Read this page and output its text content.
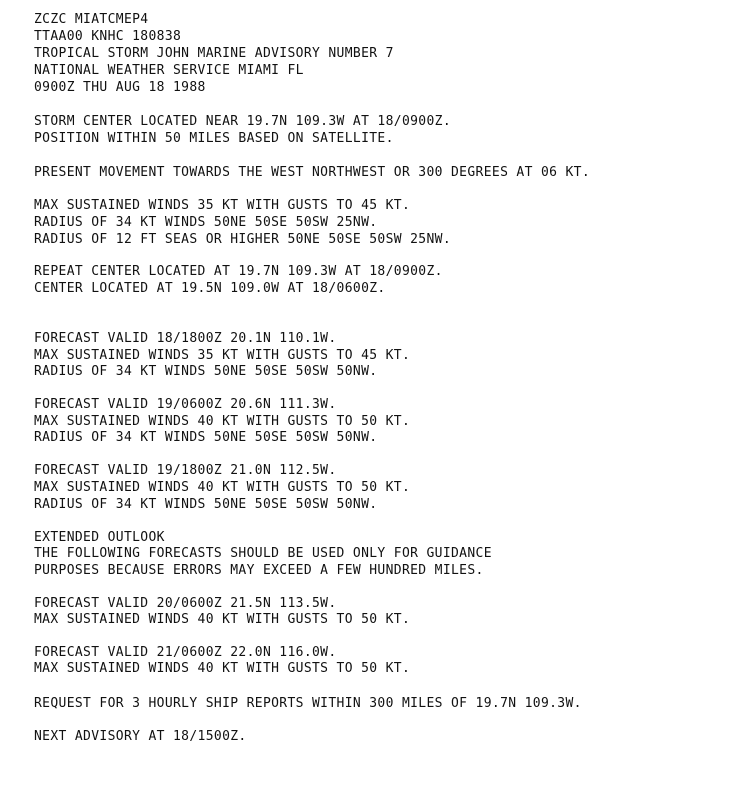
ZCZC MIATCMEP4

TTAA00 KNHC 180838

TROPICAL STORM JOHN MARINE ADVISORY NUMBER 7

NATIONAL WEATHER SERVICE MIAMI FL

0900Z THU AUG 18 1988

STORM CENTER LOCATED NEAR 19.7N 109.3W AT 18/0900Z.

POSITION WITHIN 50 MILES BASED ON SATELLITE.

PRESENT MOVEMENT TOWARDS THE WEST NORTHWEST OR 300 DEGREES AT 06 KT.

MAX SUSTAINED WINDS 35 KT WITH GUSTS TO 45 KT.

RADIUS OF 34 KT WINDS 50NE 50SE 50SW 25NW.

RADIUS OF 12 FT SEAS OR HIGHER 50NE 50SE 50SW 25NW.

REPEAT CENTER LOCATED AT 19.7N 109.3W AT 18/0900Z.

CENTER LOCATED AT 19.5N 109.0W AT 18/0600Z.

FORECAST VALID 18/1800Z 20.1N 110.1W.

MAX SUSTAINED WINDS 35 KT WITH GUSTS TO 45 KT.

RADIUS OF 34 KT WINDS 50NE 50SE 50SW 50NW.

FORECAST VALID 19/0600Z 20.6N 111.3W.

MAX SUSTAINED WINDS 40 KT WITH GUSTS TO 50 KT.

RADIUS OF 34 KT WINDS 50NE 50SE 50SW 50NW.

FORECAST VALID 19/1800Z 21.0N 112.5W.

MAX SUSTAINED WINDS 40 KT WITH GUSTS TO 50 KT.

RADIUS OF 34 KT WINDS 50NE 50SE 50SW 50NW.

EXTENDED OUTLOOK

THE FOLLOWING FORECASTS SHOULD BE USED ONLY FOR GUIDANCE

PURPOSES BECAUSE ERRORS MAY EXCEED A FEW HUNDRED MILES.

FORECAST VALID 20/0600Z 21.5N 113.5W.

MAX SUSTAINED WINDS 40 KT WITH GUSTS TO 50 KT.

FORECAST VALID 21/0600Z 22.0N 116.0W.

MAX SUSTAINED WINDS 40 KT WITH GUSTS TO 50 KT.

REQUEST FOR 3 HOURLY SHIP REPORTS WITHIN 300 MILES OF 19.7N 109.3W.

NEXT ADVISORY AT 18/1500Z.
